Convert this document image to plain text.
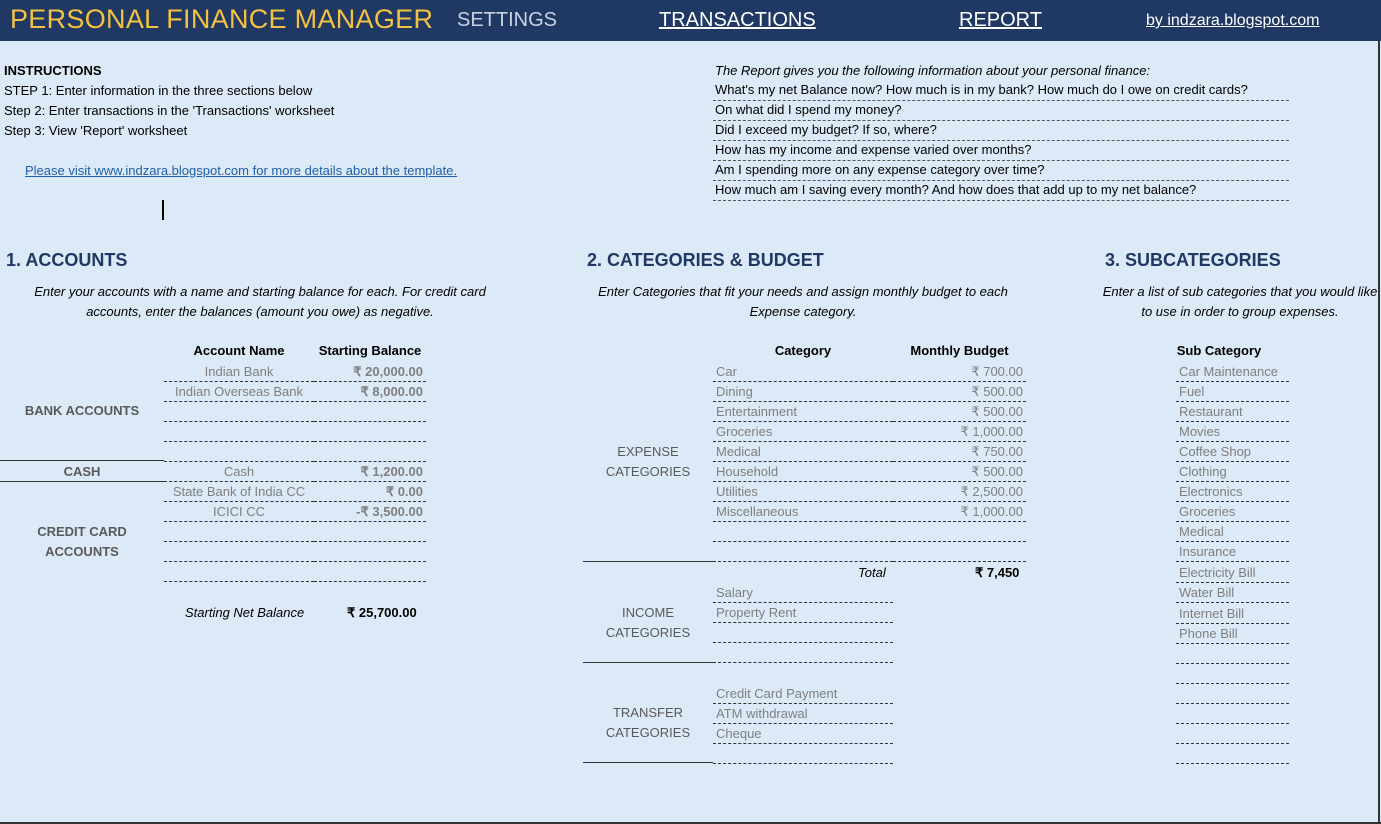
PERSONAL FINANCE MANAGER SETTINGS	TRANSACTIONS	REPORT	by indzara.blogspot.com
INSTRUCTIONS
STEP 1: Enter information in the three sections below
Step 2: Enter transactions in the 'Transactions' worksheet
Step 3: View 'Report' worksheet
Please visit www.indzara.blogspot.com for more details about the template.
The Report gives you the following information about your personal finance:
What's my net Balance now? How much is in my bank? How much do I owe on credit cards?
On what did I spend my money?
Did I exceed my budget? If so, where?
How has my income and expense varied over months?
Am I spending more on any expense category over time?
How much am I saving every month? And how does that add up to my net balance?
1. ACCOUNTS
Enter your accounts with a name and starting balance for each. For credit card accounts, enter the balances (amount you owe) as negative.
Account Name	Starting Balance
BANK ACCOUNTS
CASH
CREDIT CARD ACCOUNTS
Indian Bank	₹ 20,000.00
Indian Overseas Bank	₹ 8,000.00
Cash	₹ 1,200.00
State Bank of India CC	₹ 0.00
ICICI CC	-₹ 3,500.00
Starting Net Balance	₹ 25,700.00
2. CATEGORIES & BUDGET
Enter Categories that fit your needs and assign monthly budget to each Expense category.
Category	Monthly Budget
EXPENSE
CATEGORIES
Car	₹ 700.00
Dining	₹ 500.00
Entertainment	₹ 500.00
Groceries	₹ 1,000.00
Medical	₹ 750.00
Household	₹ 500.00
Utilities	₹ 2,500.00
Miscellaneous	₹ 1,000.00
Total	₹ 7,450
INCOME
CATEGORIES
Salary
Property Rent
TRANSFER
CATEGORIES
Credit Card Payment
ATM withdrawal
Cheque
3. SUBCATEGORIES
Enter a list of sub categories that you would like to use in order to group expenses.
Sub Category
Car Maintenance
Fuel
Restaurant
Movies
Coffee Shop
Clothing
Electronics
Groceries
Medical
Insurance
Electricity Bill
Water Bill
Internet Bill
Phone Bill
